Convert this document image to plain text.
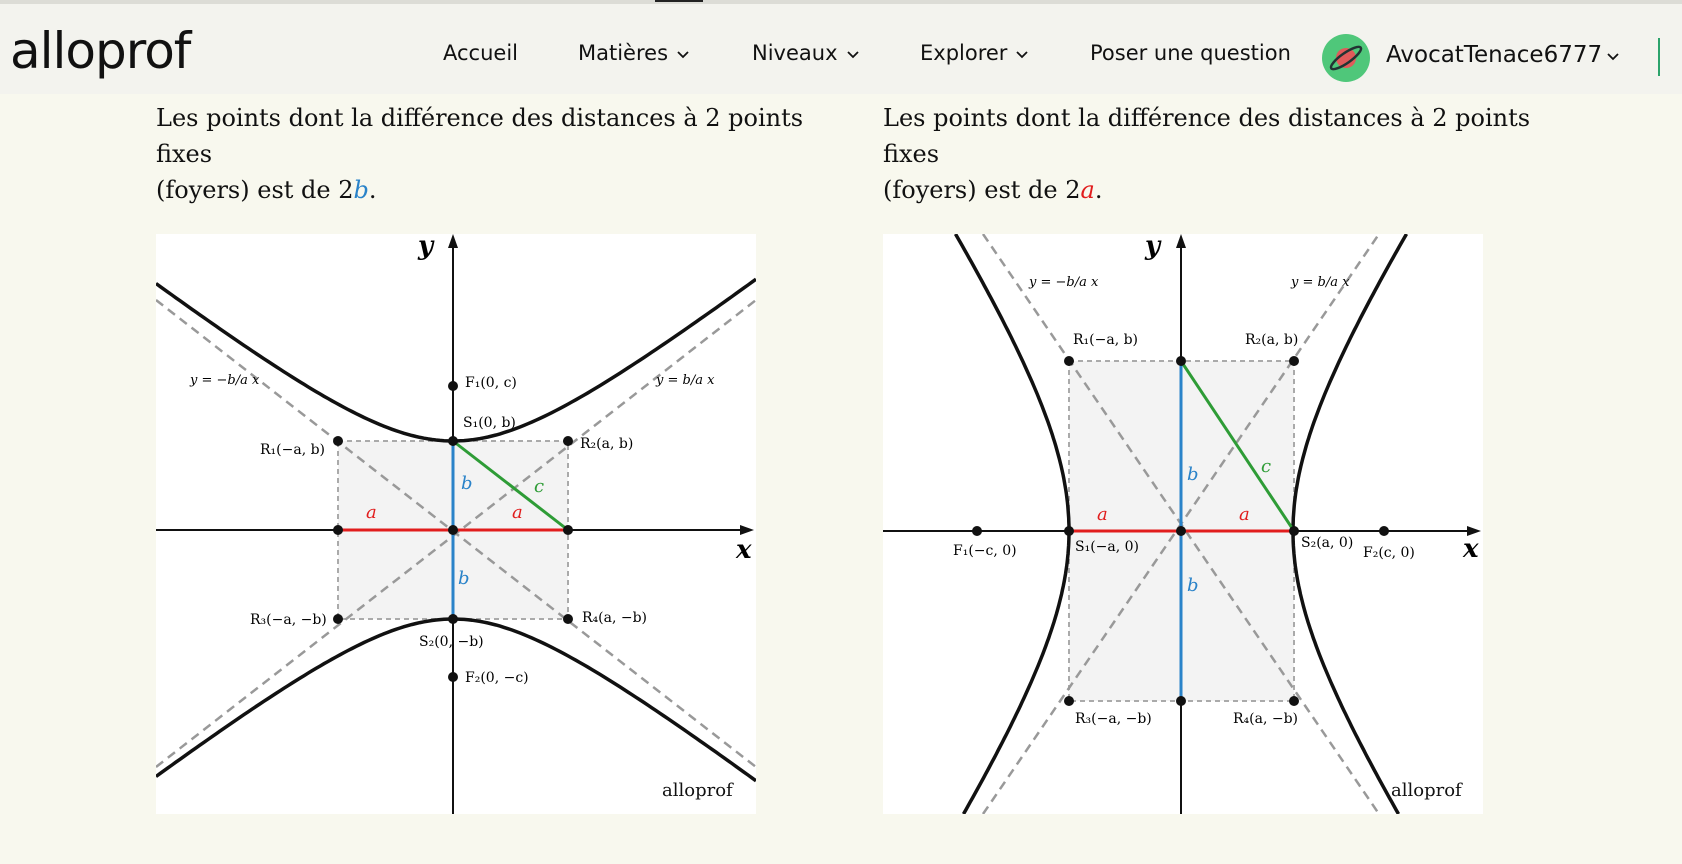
alloprof	Accueil	Matières	Niveaux	Explorer	Poser une question	AvocatTenace6777
Les points dont la différence des distances à 2 points fixes
(foyers) est de 2b.
Les points dont la différence des distances à 2 points fixes
(foyers) est de 2a.
y
x
y = −b/a x	y = b/a x
F₁(0, c)
S₁(0, b)
R₁(−a, b)	R₂(a, b)
R₃(−a, −b)	R₄(a, −b)
S₂(0, −b)
F₂(0, −c)
a	a
b
b
c
alloprof
y
x
y = −b/a x	y = b/a x
R₁(−a, b)	R₂(a, b)
F₁(−c, 0)	S₁(−a, 0)	S₂(a, 0)
F₂(c, 0)
R₃(−a, −b)	R₄(a, −b)
a	a
b
b
c
alloprof
